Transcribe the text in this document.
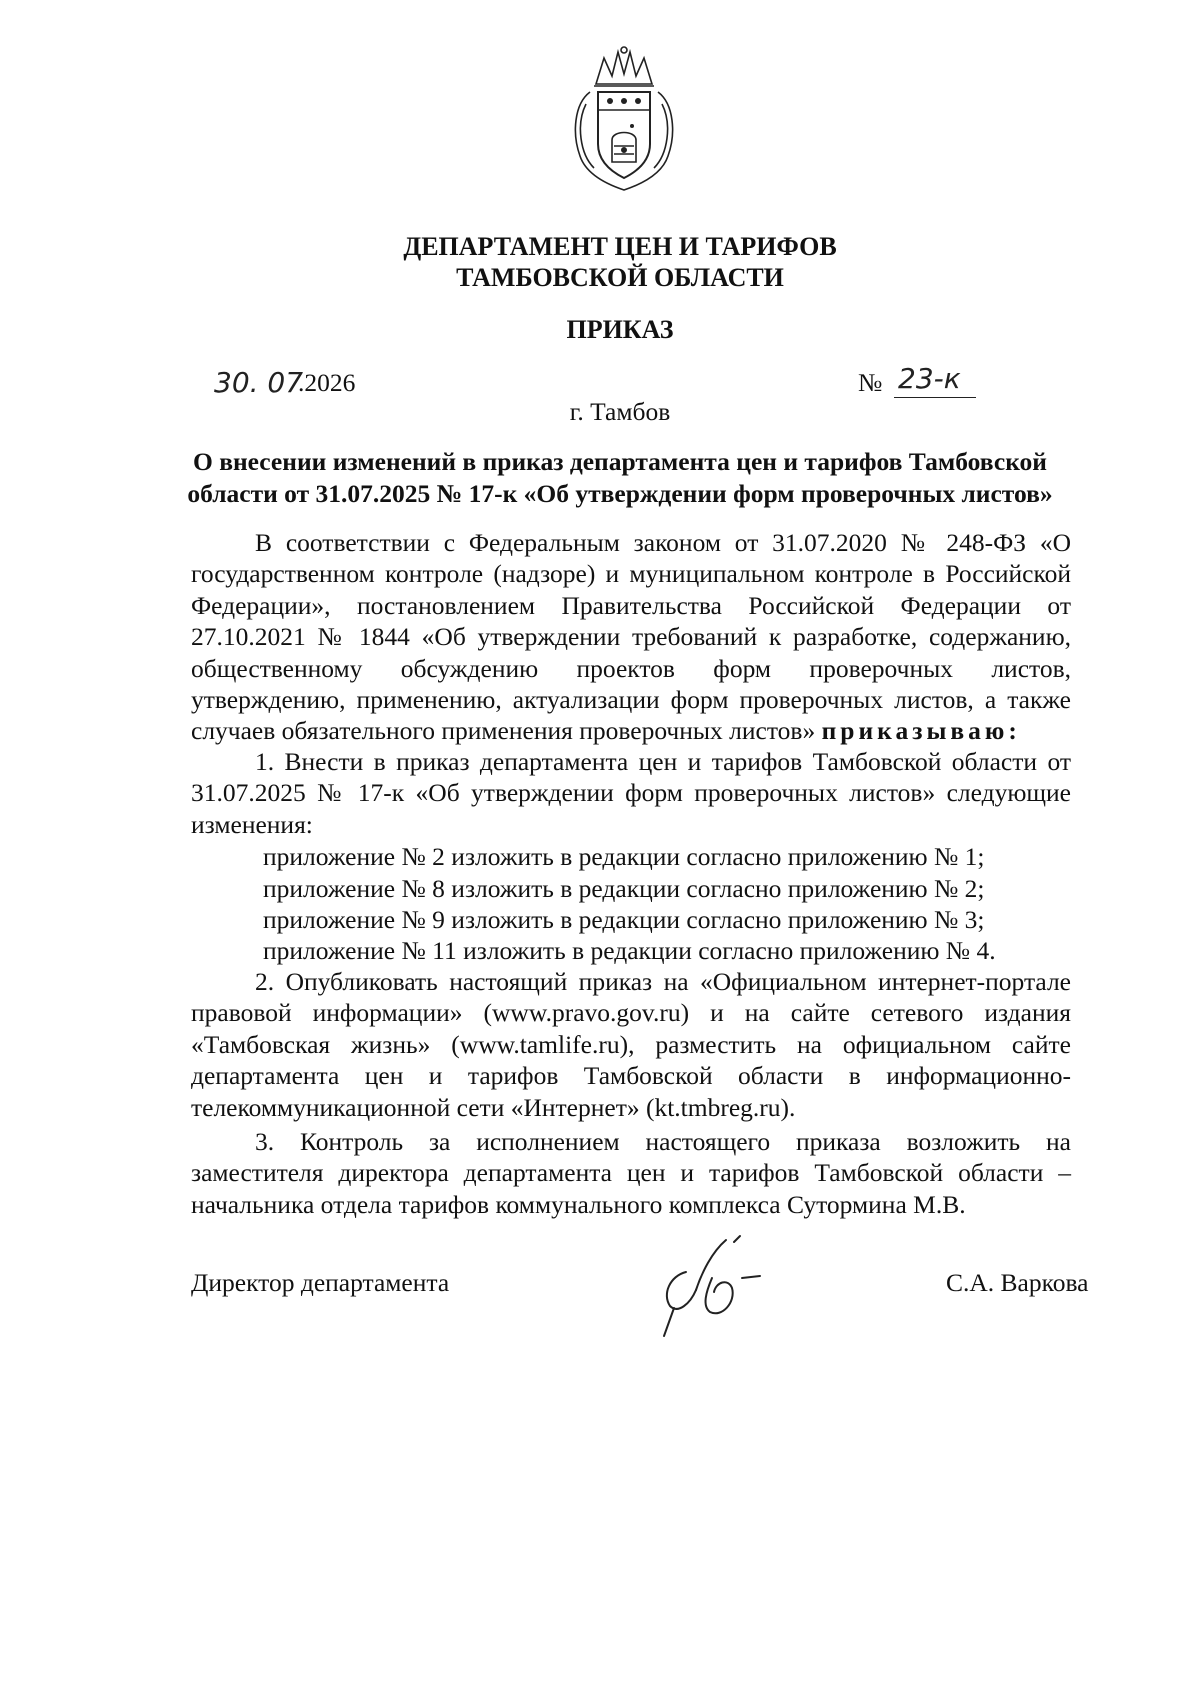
ДЕПАРТАМЕНТ ЦЕН И ТАРИФОВ
ТАМБОВСКОЙ ОБЛАСТИ
ПРИКАЗ
30. 07
.2026	№ 23-к
г. Тамбов
О внесении изменений в приказ департамента цен и тарифов Тамбовской
области от 31.07.2025 № 17-к «Об утверждении форм проверочных листов»

В соответствии с Федеральным законом от 31.07.2020 № 248-ФЗ «О государственном контроле (надзоре) и муниципальном контроле в Российской Федерации», постановлением Правительства Российской Федерации от 27.10.2021 № 1844 «Об утверждении требований к разработке, содержанию, общественному обсуждению проектов форм проверочных листов, утверждению, применению, актуализации форм проверочных листов, а также случаев обязательного применения проверочных листов» приказываю:

1. Внести в приказ департамента цен и тарифов Тамбовской области от 31.07.2025 № 17-к «Об утверждении форм проверочных листов» следующие изменения:

приложение № 2 изложить в редакции согласно приложению № 1;
приложение № 8 изложить в редакции согласно приложению № 2;
приложение № 9 изложить в редакции согласно приложению № 3;
приложение № 11 изложить в редакции согласно приложению № 4.

2. Опубликовать настоящий приказ на «Официальном интернет-портале правовой информации» (www.pravo.gov.ru) и на сайте сетевого издания «Тамбовская жизнь» (www.tamlife.ru), разместить на официальном сайте департамента цен и тарифов Тамбовской области в информационно-телекоммуникационной сети «Интернет» (kt.tmbreg.ru).

3. Контроль за исполнением настоящего приказа возложить на заместителя директора департамента цен и тарифов Тамбовской области – начальника отдела тарифов коммунального комплекса Сутормина М.В.

Директор департамента	С.А. Варкова
